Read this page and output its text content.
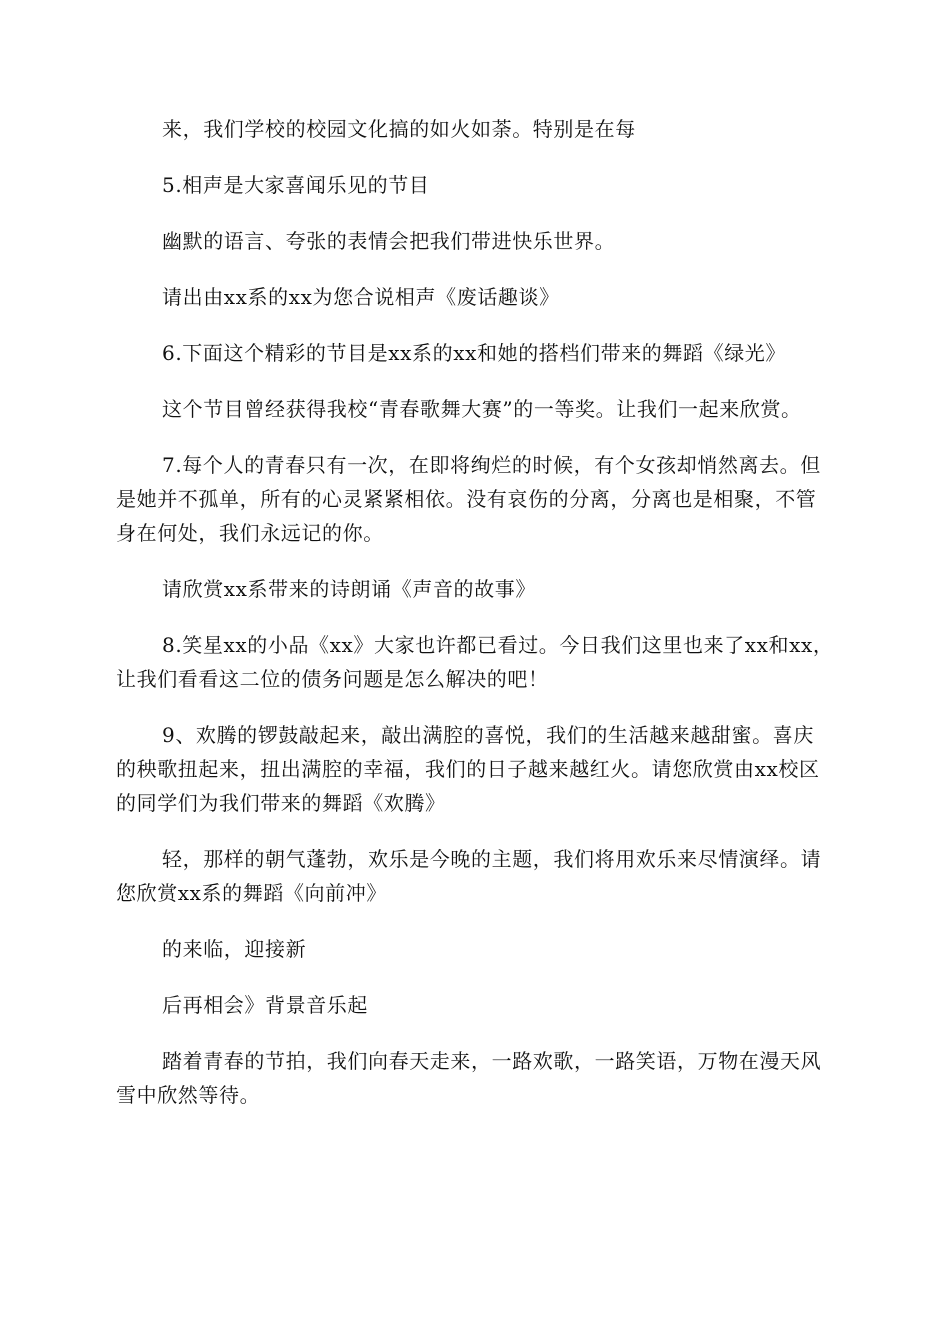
来，我们学校的校园文化搞的如火如荼。特别是在每

5.相声是大家喜闻乐见的节目

幽默的语言、夸张的表情会把我们带进快乐世界。

请出由xx系的xx为您合说相声《废话趣谈》

6.下面这个精彩的节目是xx系的xx和她的搭档们带来的舞蹈《绿光》

这个节目曾经获得我校“青春歌舞大赛”的一等奖。让我们一起来欣赏。

7.每个人的青春只有一次，在即将绚烂的时候，有个女孩却悄然离去。但是她并不孤单，所有的心灵紧紧相依。没有哀伤的分离，分离也是相聚，不管身在何处，我们永远记的你。

请欣赏xx系带来的诗朗诵《声音的故事》

8.笑星xx的小品《xx》大家也许都已看过。今日我们这里也来了xx和xx，让我们看看这二位的债务问题是怎么解决的吧！

9、欢腾的锣鼓敲起来，敲出满腔的喜悦，我们的生活越来越甜蜜。喜庆的秧歌扭起来，扭出满腔的幸福，我们的日子越来越红火。请您欣赏由xx校区的同学们为我们带来的舞蹈《欢腾》

轻，那样的朝气蓬勃，欢乐是今晚的主题，我们将用欢乐来尽情演绎。请您欣赏xx系的舞蹈《向前冲》

的来临，迎接新

后再相会》背景音乐起

踏着青春的节拍，我们向春天走来，一路欢歌，一路笑语，万物在漫天风雪中欣然等待。
